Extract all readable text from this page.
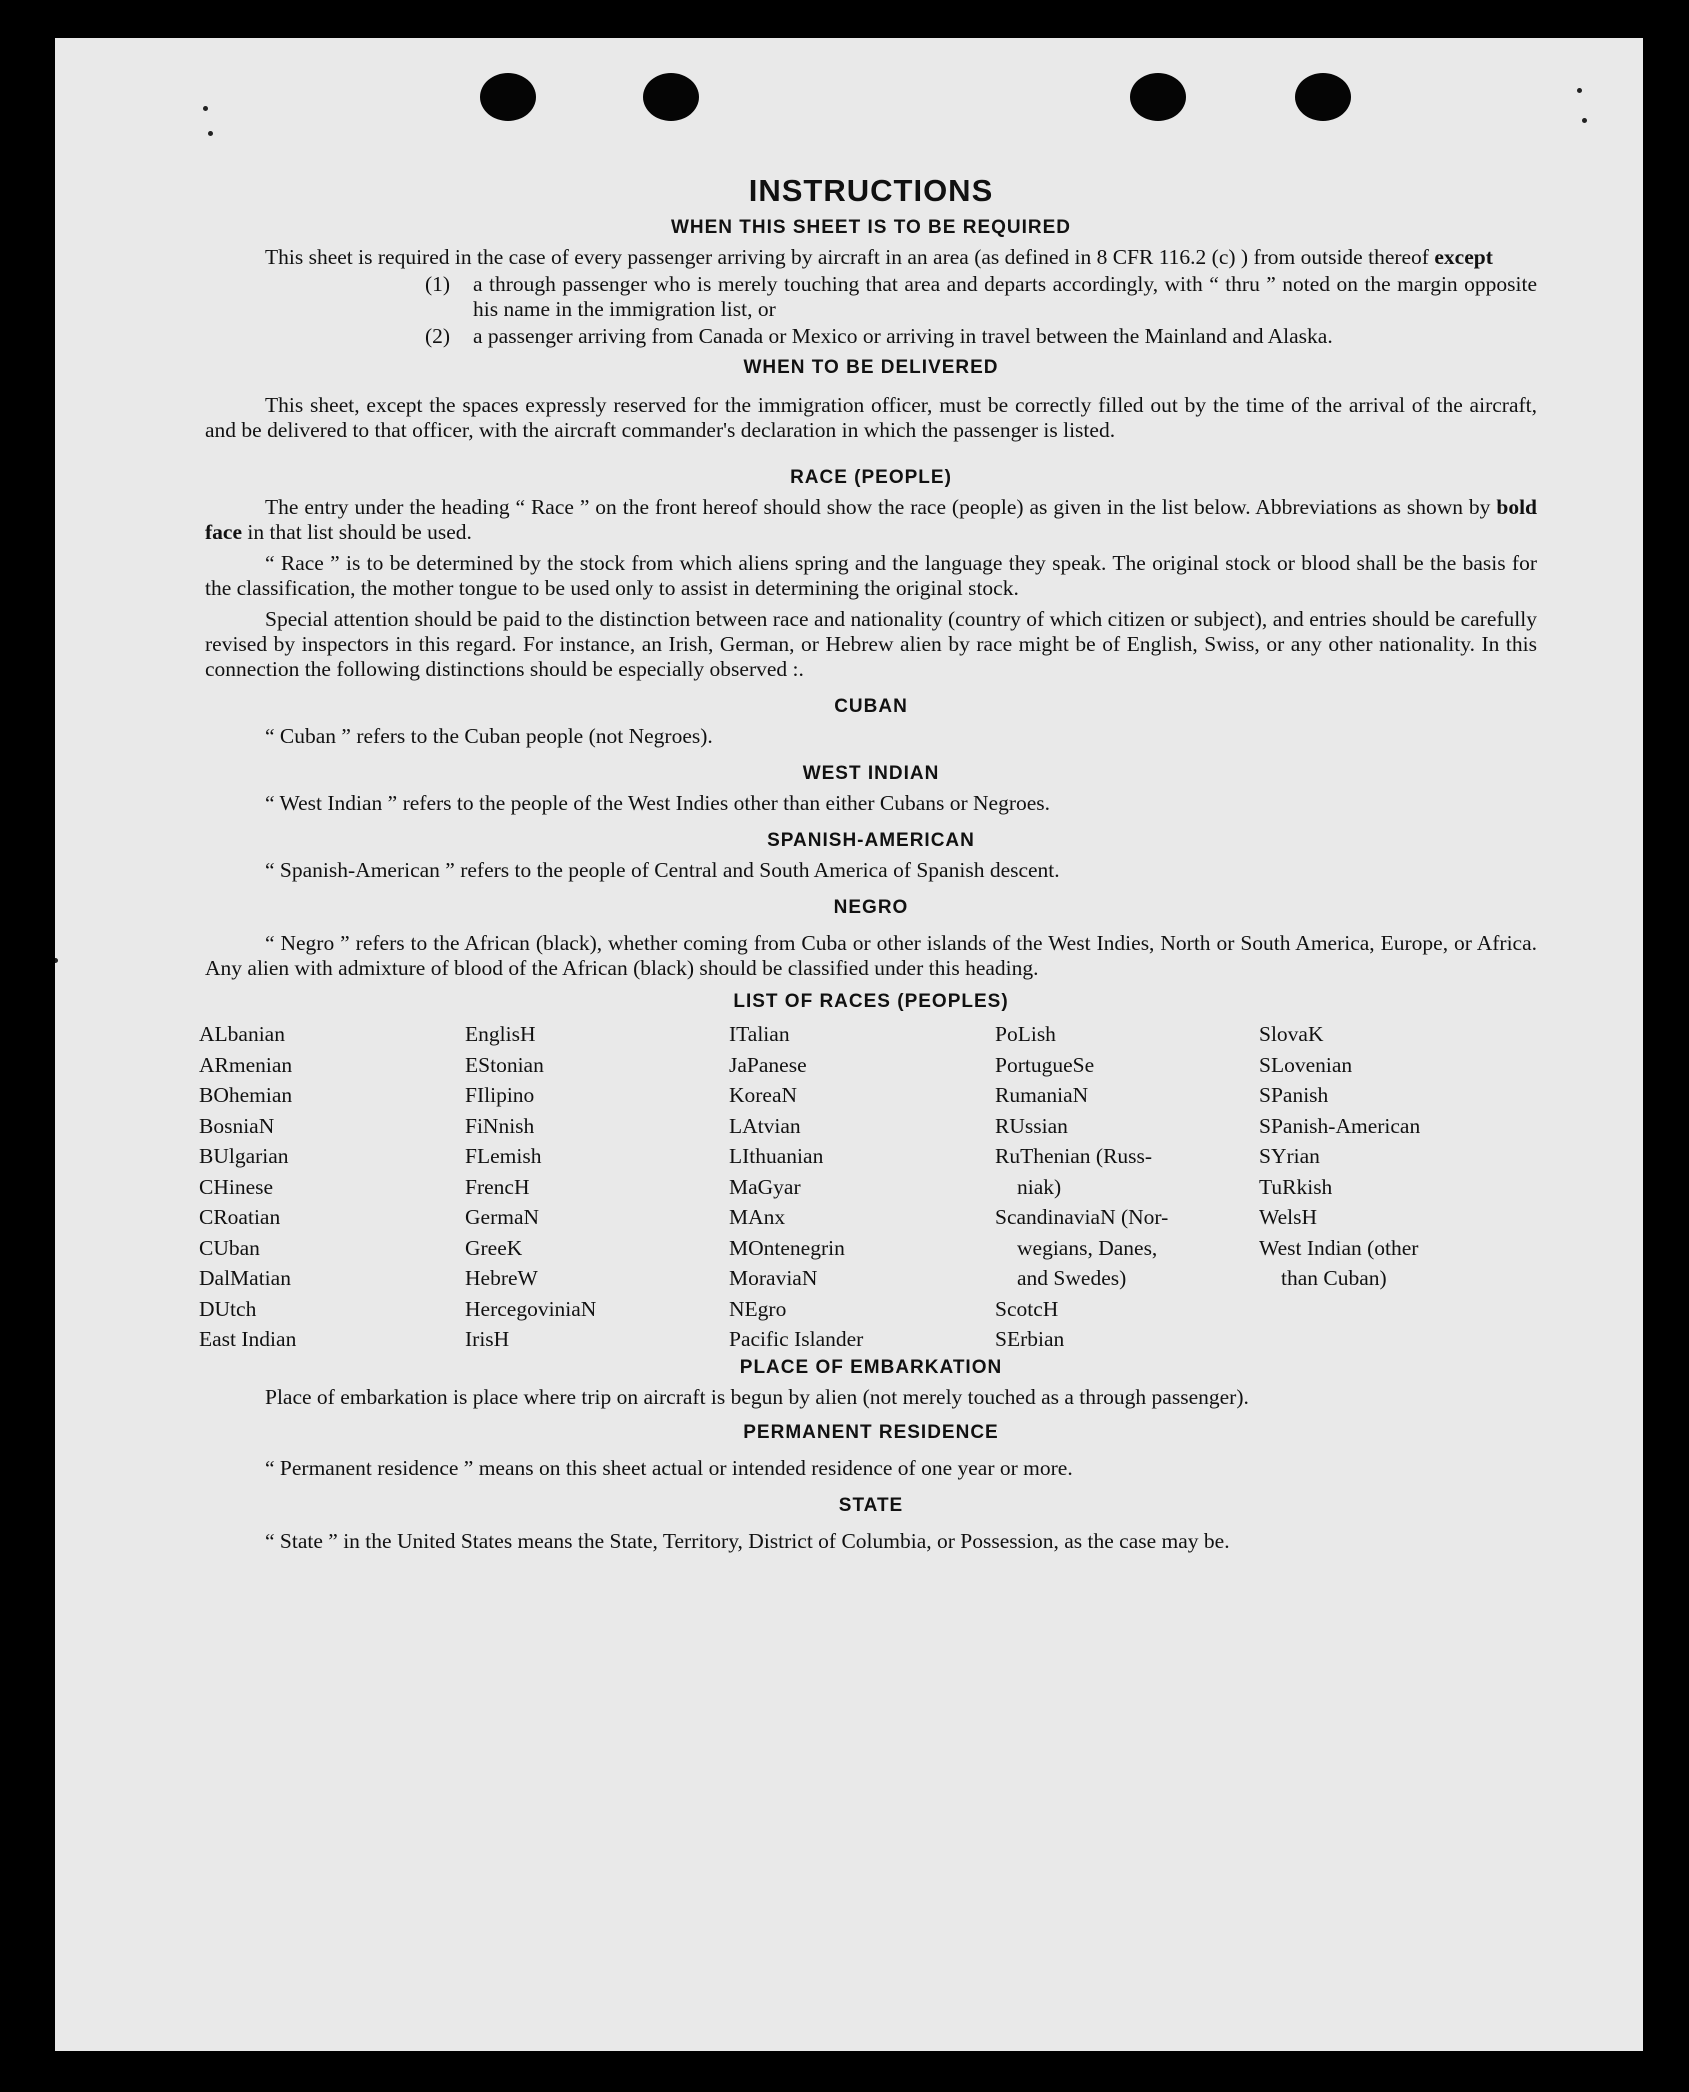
INSTRUCTIONS
WHEN THIS SHEET IS TO BE REQUIRED

This sheet is required in the case of every passenger arriving by aircraft in an area (as defined in 8 CFR 116.2 (c) ) from outside thereof except

(1)	a through passenger who is merely touching that area and departs accordingly, with “ thru ” noted on the margin opposite his name in the immigration list, or
(2)	a passenger arriving from Canada or Mexico or arriving in travel between the Mainland and Alaska.
WHEN TO BE DELIVERED

This sheet, except the spaces expressly reserved for the immigration officer, must be correctly filled out by the time of the arrival of the aircraft, and be delivered to that officer, with the aircraft commander's declaration in which the passenger is listed.

RACE (PEOPLE)

The entry under the heading “ Race ” on the front hereof should show the race (people) as given in the list below. Abbreviations as shown by bold face in that list should be used.

“ Race ” is to be determined by the stock from which aliens spring and the language they speak. The original stock or blood shall be the basis for the classification, the mother tongue to be used only to assist in determining the original stock.

Special attention should be paid to the distinction between race and nationality (country of which citizen or subject), and entries should be carefully revised by inspectors in this regard. For instance, an Irish, German, or Hebrew alien by race might be of English, Swiss, or any other nationality. In this connection the following distinctions should be especially observed :.

CUBAN
“ Cuban ” refers to the Cuban people (not Negroes).
WEST INDIAN
“ West Indian ” refers to the people of the West Indies other than either Cubans or Negroes.
SPANISH-AMERICAN
“ Spanish-American ” refers to the people of Central and South America of Spanish descent.
NEGRO

“ Negro ” refers to the African (black), whether coming from Cuba or other islands of the West Indies, North or South America, Europe, or Africa. Any alien with admixture of blood of the African (black) should be classified under this heading.

LIST OF RACES (PEOPLES)
ALbanian
ARmenian
BOhemian
BosniaN
BUlgarian
CHinese
CRoatian
CUban
DalMatian
DUtch
East Indian
EnglisH
EStonian
FIlipino
FiNnish
FLemish
FrencH
GermaN
GreeK
HebreW
HercegoviniaN
IrisH
ITalian
JaPanese
KoreaN
LAtvian
LIthuanian
MaGyar
MAnx
MOntenegrin
MoraviaN
NEgro
Pacific Islander
PoLish
PortugueSe
RumaniaN
RUssian
RuThenian (Russ-
niak)
ScandinaviaN (Nor-
wegians, Danes,
and Swedes)
ScotcH
SErbian
SlovaK
SLovenian
SPanish
SPanish-American
SYrian
TuRkish
WelsH
West Indian (other
than Cuban)
PLACE OF EMBARKATION

Place of embarkation is place where trip on aircraft is begun by alien (not merely touched as a through passenger).

PERMANENT RESIDENCE
“ Permanent residence ” means on this sheet actual or intended residence of one year or more.
STATE

“ State ” in the United States means the State, Territory, District of Columbia, or Possession, as the case may be.
